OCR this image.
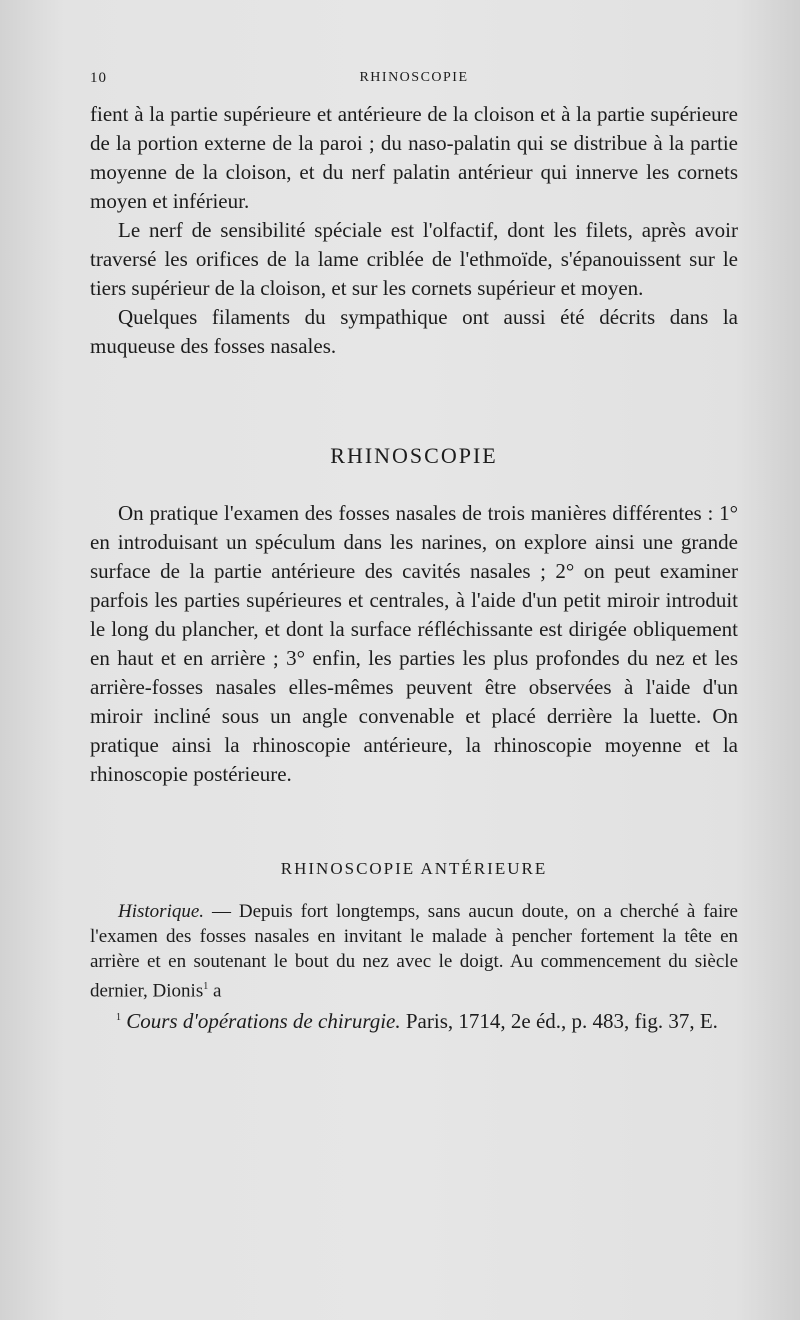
10	RHINOSCOPIE

fient à la partie supérieure et antérieure de la cloison et à la partie supérieure de la portion externe de la paroi ; du naso-palatin qui se distribue à la partie moyenne de la cloison, et du nerf palatin antérieur qui innerve les cornets moyen et inférieur.

Le nerf de sensibilité spéciale est l'olfactif, dont les filets, après avoir traversé les orifices de la lame criblée de l'ethmoïde, s'épanouissent sur le tiers supérieur de la cloison, et sur les cornets supérieur et moyen.

Quelques filaments du sympathique ont aussi été décrits dans la muqueuse des fosses nasales.

RHINOSCOPIE

On pratique l'examen des fosses nasales de trois manières différentes : 1° en introduisant un spéculum dans les narines, on explore ainsi une grande surface de la partie antérieure des cavités nasales ; 2° on peut examiner parfois les parties supérieures et centrales, à l'aide d'un petit miroir introduit le long du plancher, et dont la surface réfléchissante est dirigée obliquement en haut et en arrière ; 3° enfin, les parties les plus profondes du nez et les arrière-fosses nasales elles-mêmes peuvent être observées à l'aide d'un miroir incliné sous un angle convenable et placé derrière la luette. On pratique ainsi la rhinoscopie antérieure, la rhinoscopie moyenne et la rhinoscopie postérieure.

RHINOSCOPIE ANTÉRIEURE

Historique. — Depuis fort longtemps, sans aucun doute, on a cherché à faire l'examen des fosses nasales en invitant le malade à pencher fortement la tête en arrière et en soutenant le bout du nez avec le doigt. Au commencement du siècle dernier, Dionis$^1$ a

$^1$ Cours d'opérations de chirurgie. Paris, 1714, 2e éd., p. 483, fig. 37, E.
